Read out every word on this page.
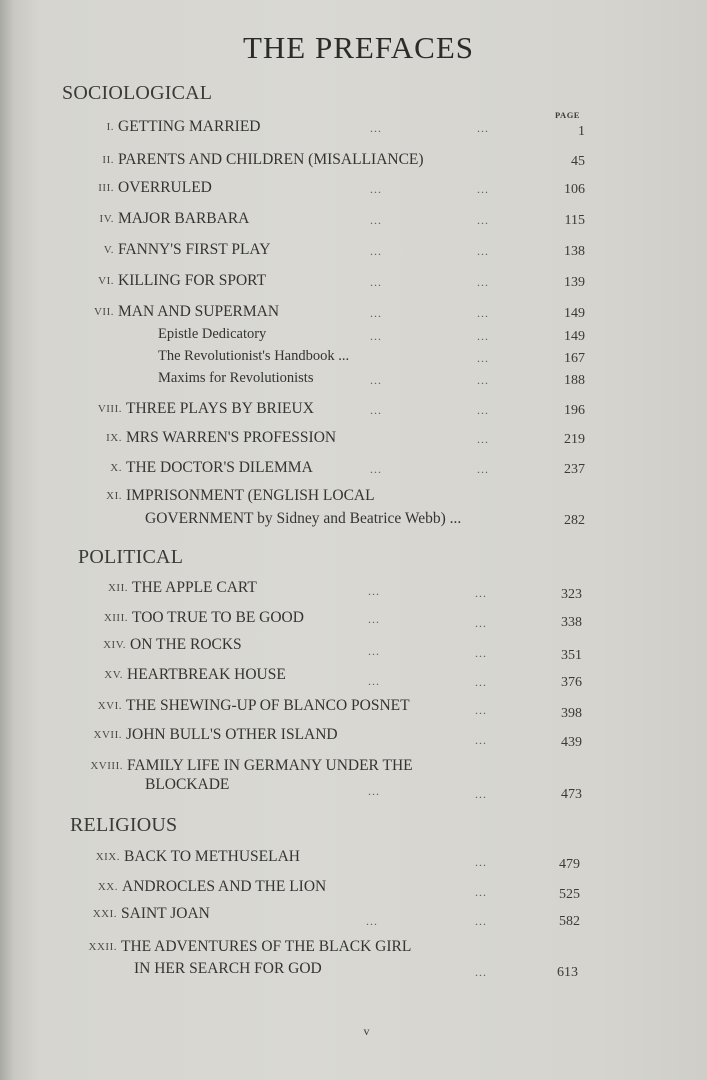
THE PREFACES
SOCIOLOGICAL
PAGE
I. GETTING MARRIED	...	...	1
II. PARENTS AND CHILDREN (MISALLIANCE)	45
III. OVERRULED	...	...	106
IV. MAJOR BARBARA	...	...	115
V. FANNY'S FIRST PLAY	...	...	138
VI. KILLING FOR SPORT	...	...	139
VII. MAN AND SUPERMAN	...	...	149
Epistle Dedicatory	...	...	149
The Revolutionist's Handbook ...	...	167
Maxims for Revolutionists	...	...	188
VIII. THREE PLAYS BY BRIEUX	...	...	196
IX. MRS WARREN'S PROFESSION	...	219
X. THE DOCTOR'S DILEMMA	...	...	237
XI. IMPRISONMENT (ENGLISH LOCAL
GOVERNMENT by Sidney and Beatrice Webb) ...	282
POLITICAL
XII. THE APPLE CART	...	...	323
XIII. TOO TRUE TO BE GOOD	...	...	338
XIV. ON THE ROCKS	...	...	351
XV. HEARTBREAK HOUSE	...	...	376
XVI. THE SHEWING-UP OF BLANCO POSNET	...	398
XVII. JOHN BULL'S OTHER ISLAND	...	439
XVIII. FAMILY LIFE IN GERMANY UNDER THE
BLOCKADE	...	...	473
RELIGIOUS
XIX. BACK TO METHUSELAH	...	479
XX. ANDROCLES AND THE LION	...	525
XXI. SAINT JOAN	...	...	582
XXII. THE ADVENTURES OF THE BLACK GIRL
IN HER SEARCH FOR GOD	...	613
v
